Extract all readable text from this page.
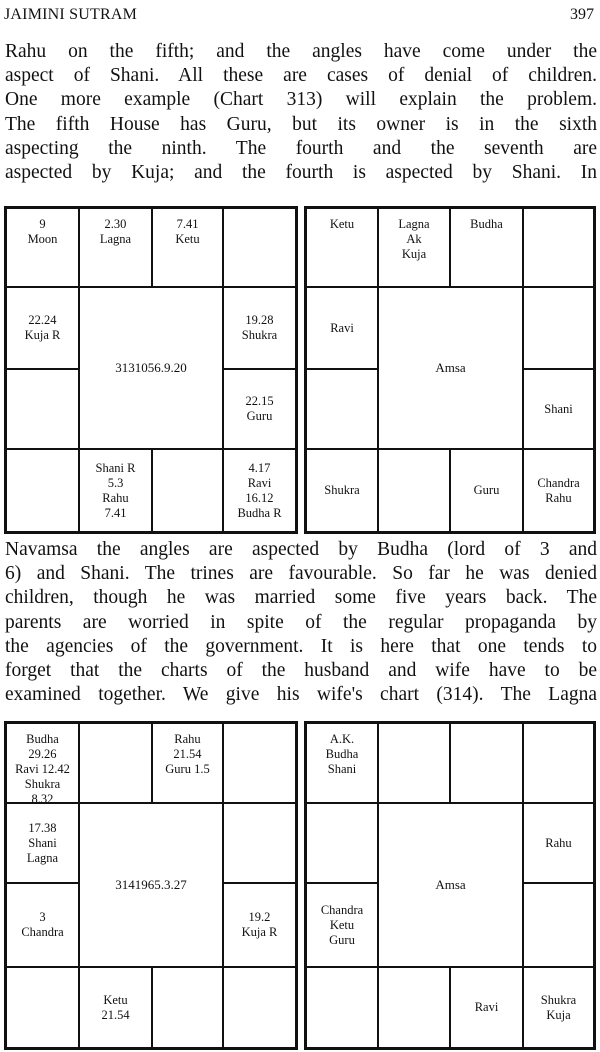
JAIMINI SUTRAM	397
Rahu on the fifth; and the angles have come under the
aspect of Shani. All these are cases of denial of children.
One more example (Chart 313) will explain the problem.
The fifth House has Guru, but its owner is in the sixth
aspecting the ninth. The fourth and the seventh are
aspected by Kuja; and the fourth is aspected by Shani. In
9
Moon
2.30
Lagna
7.41
Ketu
19.28
Shukra
22.15
Guru
4.17
Ravi
16.12
Budha R
Shani R
5.3
Rahu
7.41
22.24
Kuja R
3131056.9.20
Ketu	Lagna
Ak
Kuja
Budha
Shani
Chandra
Rahu
Guru
Shukra
Ravi
Amsa
Navamsa the angles are aspected by Budha (lord of 3 and
6) and Shani. The trines are favourable. So far he was denied
children, though he was married some five years back. The
parents are worried in spite of the regular propaganda by
the agencies of the government. It is here that one tends to
forget that the charts of the husband and wife have to be
examined together. We give his wife's chart (314). The Lagna
Budha
29.26
Ravi 12.42
Shukra
8.32
Rahu
21.54
Guru 1.5
19.2
Kuja R
Ketu
21.54
3
Chandra
17.38
Shani
Lagna
3141965.3.27
A.K.
Budha
Shani
Rahu
Shukra
Kuja
Ravi
Chandra
Ketu
Guru
Amsa
